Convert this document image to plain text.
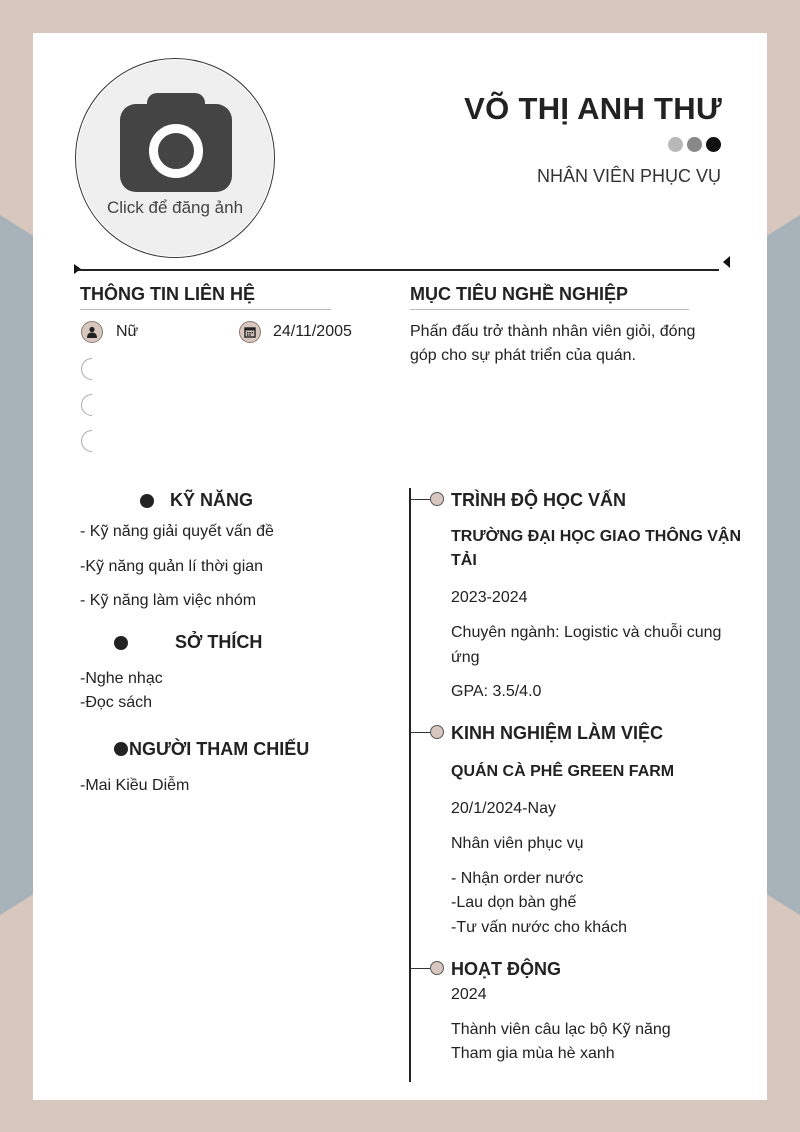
Click để đăng ảnh
VÕ THỊ ANH THƯ
NHÂN VIÊN PHỤC VỤ
THÔNG TIN LIÊN HỆ
Nữ	24/11/2005
MỤC TIÊU NGHỀ NGHIỆP
Phấn đấu trở thành nhân viên giỏi, đóng
góp cho sự phát triển của quán.
KỸ NĂNG
- Kỹ năng giải quyết vấn đề
-Kỹ năng quản lí thời gian
- Kỹ năng làm việc nhóm
SỞ THÍCH
-Nghe nhạc
-Đọc sách
NGƯỜI THAM CHIẾU
-Mai Kiều Diễm
TRÌNH ĐỘ HỌC VẤN
TRƯỜNG ĐẠI HỌC GIAO THÔNG VẬN
TẢI
2023-2024
Chuyên ngành: Logistic và chuỗi cung
ứng
GPA: 3.5/4.0
KINH NGHIỆM LÀM VIỆC
QUÁN CÀ PHÊ GREEN FARM
20/1/2024-Nay
Nhân viên phục vụ
- Nhận order nước
-Lau dọn bàn ghế
-Tư vấn nước cho khách
HOẠT ĐỘNG
2024
Thành viên câu lạc bộ Kỹ năng
Tham gia mùa hè xanh
